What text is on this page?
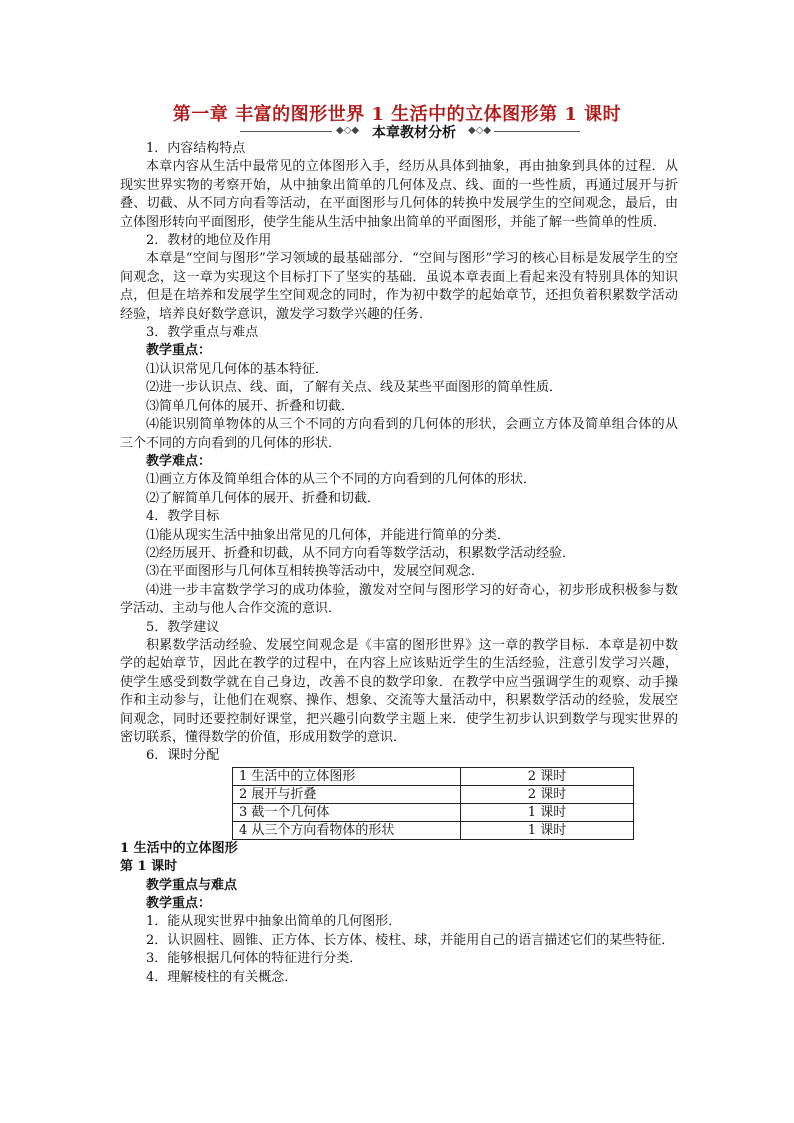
第一章 丰富的图形世界 1 生活中的立体图形第 1 课时
◆◇◆ 本章教材分析	◆◇◆

1．内容结构特点

本章内容从生活中最常见的立体图形入手，经历从具体到抽象，再由抽象到具体的过程．从现实世界实物的考察开始，从中抽象出简单的几何体及点、线、面的一些性质，再通过展开与折叠、切截、从不同方向看等活动，在平面图形与几何体的转换中发展学生的空间观念，最后，由立体图形转向平面图形，使学生能从生活中抽象出简单的平面图形，并能了解一些简单的性质．

2．教材的地位及作用

本章是“空间与图形”学习领域的最基础部分．“空间与图形”学习的核心目标是发展学生的空间观念，这一章为实现这个目标打下了坚实的基础．虽说本章表面上看起来没有特别具体的知识点，但是在培养和发展学生空间观念的同时，作为初中数学的起始章节，还担负着积累数学活动经验，培养良好数学意识，激发学习数学兴趣的任务．

3．教学重点与难点

教学重点：

⑴认识常见几何体的基本特征．

⑵进一步认识点、线、面，了解有关点、线及某些平面图形的简单性质．

⑶简单几何体的展开、折叠和切截．

⑷能识别简单物体的从三个不同的方向看到的几何体的形状，会画立方体及简单组合体的从三个不同的方向看到的几何体的形状．

教学难点：

⑴画立方体及简单组合体的从三个不同的方向看到的几何体的形状．

⑵了解简单几何体的展开、折叠和切截．

4．教学目标

⑴能从现实生活中抽象出常见的几何体，并能进行简单的分类．

⑵经历展开、折叠和切截，从不同方向看等数学活动，积累数学活动经验．

⑶在平面图形与几何体互相转换等活动中，发展空间观念．

⑷进一步丰富数学学习的成功体验，激发对空间与图形学习的好奇心，初步形成积极参与数学活动、主动与他人合作交流的意识．

5．教学建议

积累数学活动经验、发展空间观念是《丰富的图形世界》这一章的教学目标．本章是初中数学的起始章节，因此在教学的过程中，在内容上应该贴近学生的生活经验，注意引发学习兴趣，使学生感受到数学就在自己身边，改善不良的数学印象．在教学中应当强调学生的观察、动手操作和主动参与，让他们在观察、操作、想象、交流等大量活动中，积累数学活动的经验，发展空间观念，同时还要控制好课堂，把兴趣引向数学主题上来．使学生初步认识到数学与现实世界的密切联系，懂得数学的价值，形成用数学的意识．

6．课时分配

1 生活中的立体图形	2 课时
2 展开与折叠	2 课时
3 截一个几何体	1 课时
4 从三个方向看物体的形状	1 课时

1 生活中的立体图形

第 1 课时

教学重点与难点

教学重点：

1．能从现实世界中抽象出简单的几何图形．

2．认识圆柱、圆锥、正方体、长方体、棱柱、球，并能用自己的语言描述它们的某些特征．

3．能够根据几何体的特征进行分类．

4．理解棱柱的有关概念．
